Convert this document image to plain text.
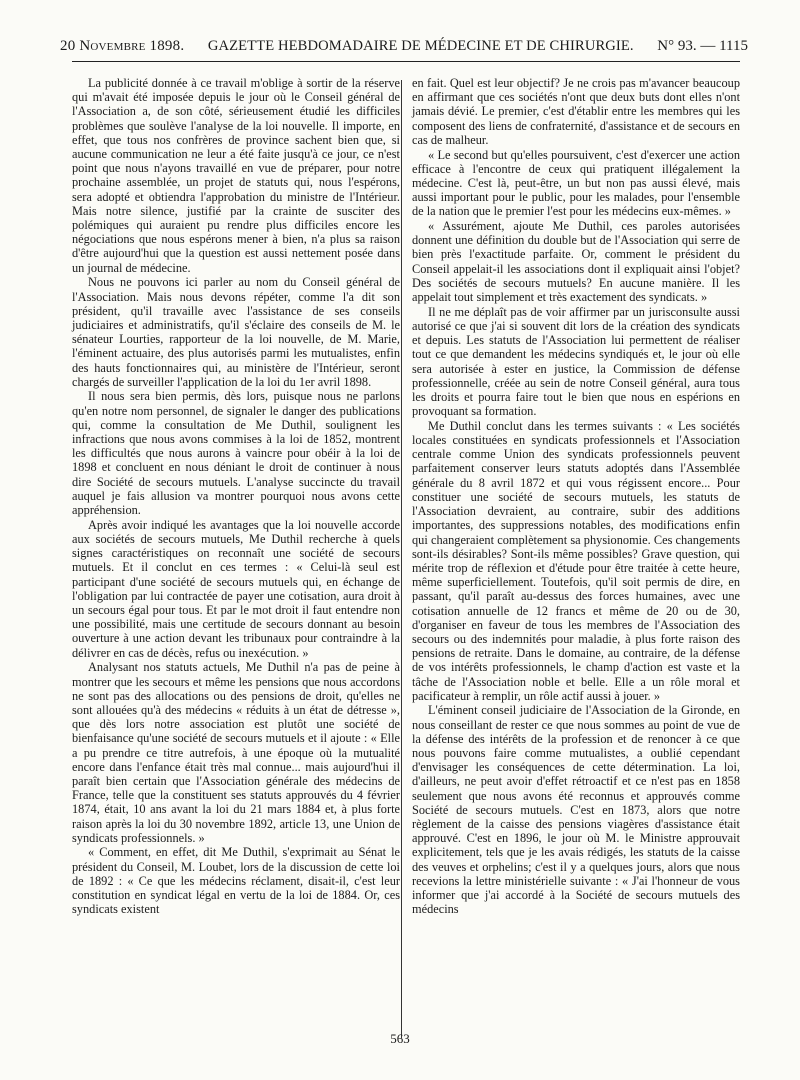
20 Novembre 1898. GAZETTE HEBDOMADAIRE DE MÉDECINE ET DE CHIRURGIE. N° 93. — 1115

La publicité donnée à ce travail m'oblige à sortir de la réserve qui m'avait été imposée depuis le jour où le Conseil général de l'Association a, de son côté, sérieusement étudié les difficiles problèmes que soulève l'analyse de la loi nouvelle. Il importe, en effet, que tous nos confrères de province sachent bien que, si aucune communication ne leur a été faite jusqu'à ce jour, ce n'est point que nous n'ayons travaillé en vue de préparer, pour notre prochaine assemblée, un projet de statuts qui, nous l'espérons, sera adopté et obtiendra l'approbation du ministre de l'Intérieur. Mais notre silence, justifié par la crainte de susciter des polémiques qui auraient pu rendre plus difficiles encore les négociations que nous espérons mener à bien, n'a plus sa raison d'être aujourd'hui que la question est aussi nettement posée dans un journal de médecine.

Nous ne pouvons ici parler au nom du Conseil général de l'Association. Mais nous devons répéter, comme l'a dit son président, qu'il travaille avec l'assistance de ses conseils judiciaires et administratifs, qu'il s'éclaire des conseils de M. le sénateur Lourties, rapporteur de la loi nouvelle, de M. Marie, l'éminent actuaire, des plus autorisés parmi les mutualistes, enfin des hauts fonctionnaires qui, au ministère de l'Intérieur, seront chargés de surveiller l'application de la loi du 1er avril 1898.

Il nous sera bien permis, dès lors, puisque nous ne parlons qu'en notre nom personnel, de signaler le danger des publications qui, comme la consultation de Me Duthil, soulignent les infractions que nous avons commises à la loi de 1852, montrent les difficultés que nous aurons à vaincre pour obéir à la loi de 1898 et concluent en nous déniant le droit de continuer à nous dire Société de secours mutuels. L'analyse succincte du travail auquel je fais allusion va montrer pourquoi nous avons cette appréhension.

Après avoir indiqué les avantages que la loi nouvelle accorde aux sociétés de secours mutuels, Me Duthil recherche à quels signes caractéristiques on reconnaît une société de secours mutuels. Et il conclut en ces termes : « Celui-là seul est participant d'une société de secours mutuels qui, en échange de l'obligation par lui contractée de payer une cotisation, aura droit à un secours égal pour tous. Et par le mot droit il faut entendre non une possibilité, mais une certitude de secours donnant au besoin ouverture à une action devant les tribunaux pour contraindre à la délivrer en cas de décès, refus ou inexécution. »

Analysant nos statuts actuels, Me Duthil n'a pas de peine à montrer que les secours et même les pensions que nous accordons ne sont pas des allocations ou des pensions de droit, qu'elles ne sont allouées qu'à des médecins « réduits à un état de détresse », que dès lors notre association est plutôt une société de bienfaisance qu'une société de secours mutuels et il ajoute : « Elle a pu prendre ce titre autrefois, à une époque où la mutualité encore dans l'enfance était très mal connue... mais aujourd'hui il paraît bien certain que l'Association générale des médecins de France, telle que la constituent ses statuts approuvés du 4 février 1874, était, 10 ans avant la loi du 21 mars 1884 et, à plus forte raison après la loi du 30 novembre 1892, article 13, une Union de syndicats professionnels. »

« Comment, en effet, dit Me Duthil, s'exprimait au Sénat le président du Conseil, M. Loubet, lors de la discussion de cette loi de 1892 : « Ce que les médecins réclament, disait-il, c'est leur constitution en syndicat légal en vertu de la loi de 1884. Or, ces syndicats existent

en fait. Quel est leur objectif? Je ne crois pas m'avancer beaucoup en affirmant que ces sociétés n'ont que deux buts dont elles n'ont jamais dévié. Le premier, c'est d'établir entre les membres qui les composent des liens de confraternité, d'assistance et de secours en cas de malheur.

« Le second but qu'elles poursuivent, c'est d'exercer une action efficace à l'encontre de ceux qui pratiquent illégalement la médecine. C'est là, peut-être, un but non pas aussi élevé, mais aussi important pour le public, pour les malades, pour l'ensemble de la nation que le premier l'est pour les médecins eux-mêmes. »

« Assurément, ajoute Me Duthil, ces paroles autorisées donnent une définition du double but de l'Association qui serre de bien près l'exactitude parfaite. Or, comment le président du Conseil appelait-il les associations dont il expliquait ainsi l'objet? Des sociétés de secours mutuels? En aucune manière. Il les appelait tout simplement et très exactement des syndicats. »

Il ne me déplaît pas de voir affirmer par un jurisconsulte aussi autorisé ce que j'ai si souvent dit lors de la création des syndicats et depuis. Les statuts de l'Association lui permettent de réaliser tout ce que demandent les médecins syndiqués et, le jour où elle sera autorisée à ester en justice, la Commission de défense professionnelle, créée au sein de notre Conseil général, aura tous les droits et pourra faire tout le bien que nous en espérions en provoquant sa formation.

Me Duthil conclut dans les termes suivants : « Les sociétés locales constituées en syndicats professionnels et l'Association centrale comme Union des syndicats professionnels peuvent parfaitement conserver leurs statuts adoptés dans l'Assemblée générale du 8 avril 1872 et qui vous régissent encore... Pour constituer une société de secours mutuels, les statuts de l'Association devraient, au contraire, subir des additions importantes, des suppressions notables, des modifications enfin qui changeraient complètement sa physionomie. Ces changements sont-ils désirables? Sont-ils même possibles? Grave question, qui mérite trop de réflexion et d'étude pour être traitée à cette heure, même superficiellement. Toutefois, qu'il soit permis de dire, en passant, qu'il paraît au-dessus des forces humaines, avec une cotisation annuelle de 12 francs et même de 20 ou de 30, d'organiser en faveur de tous les membres de l'Association des secours ou des indemnités pour maladie, à plus forte raison des pensions de retraite. Dans le domaine, au contraire, de la défense de vos intérêts professionnels, le champ d'action est vaste et la tâche de l'Association noble et belle. Elle a un rôle moral et pacificateur à remplir, un rôle actif aussi à jouer. »

L'éminent conseil judiciaire de l'Association de la Gironde, en nous conseillant de rester ce que nous sommes au point de vue de la défense des intérêts de la profession et de renoncer à ce que nous pouvons faire comme mutualistes, a oublié cependant d'envisager les conséquences de cette détermination. La loi, d'ailleurs, ne peut avoir d'effet rétroactif et ce n'est pas en 1858 seulement que nous avons été reconnus et approuvés comme Société de secours mutuels. C'est en 1873, alors que notre règlement de la caisse des pensions viagères d'assistance était approuvé. C'est en 1896, le jour où M. le Ministre approuvait explicitement, tels que je les avais rédigés, les statuts de la caisse des veuves et orphelins; c'est il y a quelques jours, alors que nous recevions la lettre ministérielle suivante : « J'ai l'honneur de vous informer que j'ai accordé à la Société de secours mutuels des médecins

563
